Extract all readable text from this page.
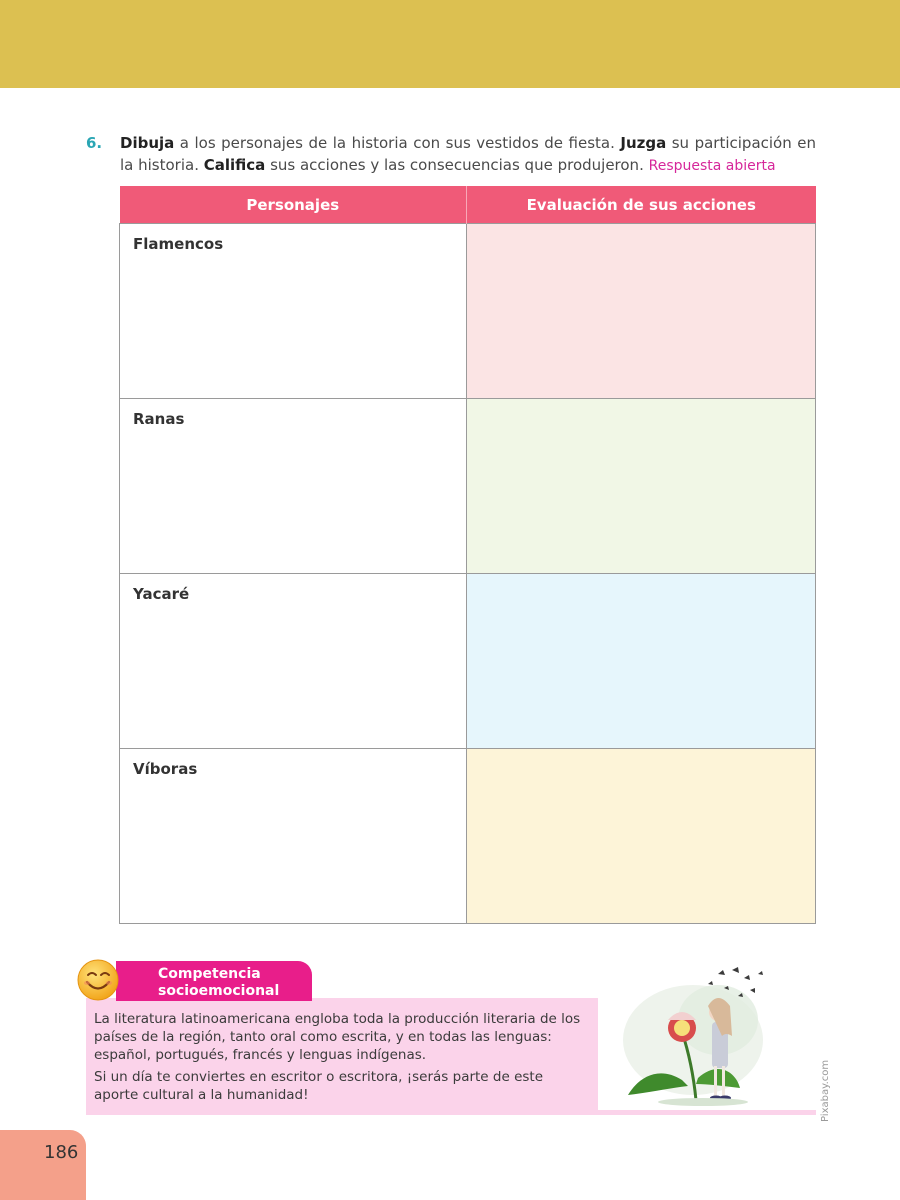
6. Dibuja a los personajes de la historia con sus vestidos de fiesta. Juzga su participación en la historia. Califica sus acciones y las consecuencias que produjeron. Respuesta abierta
Personajes	Evaluación de sus acciones

Flamencos	

Ranas	

Yacaré	

Víboras	

La literatura latinoamericana engloba toda la producción literaria de los países de la región, tanto oral como escrita, y en todas las lenguas: español, portugués, francés y lenguas indígenas.

Si un día te conviertes en escritor o escritora, ¡serás parte de este aporte cultural a la humanidad!

Competencia
socioemocional
Pixabay.com
186
